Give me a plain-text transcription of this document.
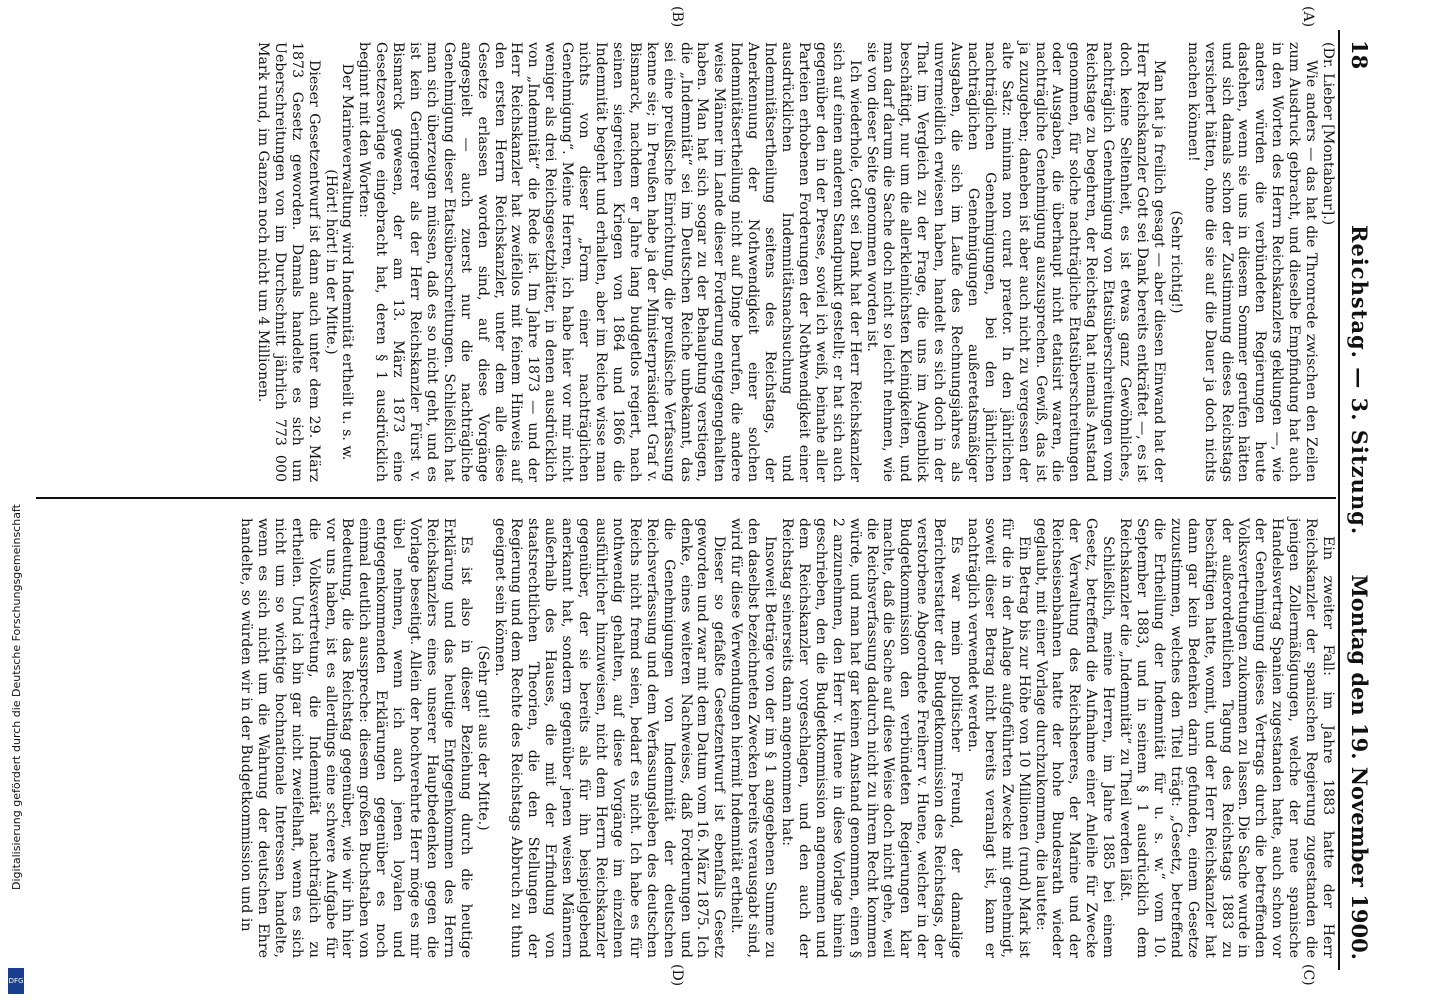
18
Reichstag. — 3. Sitzung.
Montag den 19. November 1900.
(A)
(B)
(C)
(D)

(Dr. Lieber [Montabaur].)

Wie anders — das hat die Thronrede zwischen den Zeilen zum Ausdruck gebracht, und dieselbe Empfindung hat auch in den Worten des Herrn Reichskanzlers geklungen —, wie anders würden die verbündeten Regierungen heute dastehen, wenn sie uns in diesem Sommer gerufen hätten und sich damals schon der Zustimmung dieses Reichstags versichert hätten, ohne die sie auf die Dauer ja doch nichts machen können!

(Sehr richtig!)

Man hat ja freilich gesagt — aber diesen Einwand hat der Herr Reichskanzler Gott sei Dank bereits entkräftet —, es ist doch keine Seltenheit, es ist etwas ganz Gewöhnliches, nachträglich Genehmigung von Etatsüberschreitungen vom Reichstage zu begehren, der Reichstag hat niemals Anstand genommen, für solche nachträgliche Etatsüberschreitungen oder Ausgaben, die überhaupt nicht etatisirt waren, die nachträgliche Genehmigung auszusprechen. Gewiß, das ist ja zuzugeben; daneben ist aber auch nicht zu vergessen der alte Satz: minima non curat praetor. In den jährlichen nachträglichen Genehmigungen, bei den jährlichen nachträglichen Genehmigungen außeretatsmäßiger Ausgaben, die sich im Laufe des Rechnungsjahres als unvermeidlich erwiesen haben, handelt es sich doch in der That im Vergleich zu der Frage, die uns im Augenblick beschäftigt, nur um die allerkleinlichsten Kleinigkeiten, und man darf darum die Sache doch nicht so leicht nehmen, wie sie von dieser Seite genommen worden ist.

Ich wiederhole, Gott sei Dank hat der Herr Reichskanzler sich auf einen anderen Standpunkt gestellt; er hat sich auch gegenüber den in der Presse, soviel ich weiß, beinahe aller Parteien erhobenen Forderungen der Nothwendigkeit einer ausdrücklichen Indemnitätsnachsuchung und Indemnitätsertheilung seitens des Reichstags, der Anerkennung der Nothwendigkeit einer solchen Indemnitätsertheilung nicht auf Dinge berufen, die andere weise Männer im Lande dieser Forderung entgegengehalten haben. Man hat sich sogar zu der Behauptung verstiegen, die „Indemnität“ sei im Deutschen Reiche unbekannt, das sei eine preußische Einrichtung, die preußische Verfassung kenne sie; in Preußen habe ja der Ministerpräsident Graf v. Bismarck, nachdem er Jahre lang budgetlos regiert, nach seinen siegreichen Kriegen von 1864 und 1866 die Indemnität begehrt und erhalten, aber im Reiche wisse man nichts von dieser „Form einer nachträglichen Genehmigung“. Meine Herren, ich habe hier vor mir nicht weniger als drei Reichsgesetzblätter, in denen ausdrücklich von „Indemnität“ die Rede ist. Im Jahre 1873 — und der Herr Reichskanzler hat zweifellos mit feinem Hinweis auf den ersten Herrn Reichskanzler, unter dem alle diese Gesetze erlassen worden sind, auf diese Vorgänge angespielt — auch zuerst nur die nachträgliche Genehmigung dieser Etatsüberschreitungen. Schließlich hat man sich überzeugen müssen, daß es so nicht geht, und es ist kein Geringerer als der Herr Reichskanzler Fürst v. Bismarck gewesen, der am 13. März 1873 eine Gesetzesvorlage eingebracht hat, deren § 1 ausdrücklich beginnt mit den Worten:

Der Marineverwaltung wird Indemnität ertheilt u. s. w.

(Hört! hört! in der Mitte.)

Dieser Gesetzentwurf ist dann auch unter dem 29. März 1873 Gesetz geworden. Damals handelte es sich um Ueberschreitungen von im Durchschnitt jährlich 773 000 Mark rund, im Ganzen noch nicht um 4 Millionen.

Ein zweiter Fall: im Jahre 1883 hatte der Herr Reichskanzler der spanischen Regierung zugestanden die jenigen Zollermäßigungen, welche der neue spanische Handelsvertrag Spanien zugestanden hatte, auch schon vor der Genehmigung dieses Vertrags durch die betreffenden Volksvertretungen zukommen zu lassen. Die Sache wurde in der außerordentlichen Tagung des Reichstags 1883 zu beschäftigen hatte, womit, und der Herr Reichskanzler hat dann gar kein Bedenken darin gefunden, einem Gesetze zuzustimmen, welches den Titel trägt: „Gesetz, betreffend die Ertheilung der Indemnität für u. s. w.“ vom 10. September 1883, und in seinem § 1 ausdrücklich dem Reichskanzler die „Indemnität“ zu Theil werden läßt.

Schließlich, meine Herren, im Jahre 1885 bei einem Gesetz, betreffend die Aufnahme einer Anleihe für Zwecke der Verwaltung des Reichsheeres, der Marine und der Reichseisenbahnen hatte der hohe Bundesrath wieder geglaubt, mit einer Vorlage durchzukommen, die lautete:

Ein Betrag bis zur Höhe von 10 Millionen (rund) Mark ist für die in der Anlage aufgeführten Zwecke mit genehmigt, soweit dieser Betrag nicht bereits veranlagt ist, kann er nachträglich verwendet werden.

Es war mein politischer Freund, der damalige Berichterstatter der Budgetkommission des Reichstags, der verstorbene Abgeordnete Freiherr v. Huene, welcher in der Budgetkommission den verbündeten Regierungen klar machte, daß die Sache auf diese Weise doch nicht gehe, weil die Reichsverfassung dadurch nicht zu ihrem Recht kommen würde, und man hat gar keinen Anstand genommen, einen § 2 anzunehmen, den Herr v. Huene in diese Vorlage hinein geschrieben, den die Budgetkommission angenommen und dem Reichskanzler vorgeschlagen, und den auch der Reichstag seinerseits dann angenommen hat:

Insoweit Beträge von der im § 1 angegebenen Summe zu den daselbst bezeichneten Zwecken bereits verausgabt sind, wird für diese Verwendungen hiermit Indemnität ertheilt.

Dieser so gefaßte Gesetzentwurf ist ebenfalls Gesetz geworden und zwar mit dem Datum vom 16. März 1875. Ich denke, eines weiteren Nachweises, daß Forderungen und die Genehmigungen von Indemnität der deutschen Reichsverfassung und dem Verfassungsleben des deutschen Reichs nicht fremd seien, bedarf es nicht. Ich habe es für nothwendig gehalten, auf diese Vorgänge im einzelnen ausführlicher hinzuweisen, nicht dem Herrn Reichskanzler gegenüber, der sie bereits als für ihn beispielgebend anerkannt hat, sondern gegenüber jenen weisen Männern außerhalb des Hauses, die mit der Erfindung von staatsrechtlichen Theorien, die den Stellungen der Regierung und dem Rechte des Reichstags Abbruch zu thun geeignet sein können.

(Sehr gut! aus der Mitte.)

Es ist also in dieser Beziehung durch die heutige Erklärung und das heutige Entgegenkommen des Herrn Reichskanzlers eines unserer Hauptbedenken gegen die Vorlage beseitigt. Allein der hochverehrte Herr möge es mir übel nehmen, wenn ich auch jenen loyalen und entgegenkommenden Erklärungen gegenüber es noch einmal deutlich ausspreche: diesem großen Buchstaben von Bedeutung, die das Reichstag gegenüber, wie wir ihn hier vor uns haben, ist es allerdings eine schwere Aufgabe für die Volksvertretung, die Indemnität nachträglich zu ertheilen. Und ich bin gar nicht zweifelhaft, wenn es sich nicht um so wichtige hochnationale Interessen handelte, wenn es sich nicht um die Wahrung der deutschen Ehre handelte, so würden wir in der Budgetkommission und in

Digitalisierung gefördert durch die Deutsche Forschungsgemeinschaft
DFG
